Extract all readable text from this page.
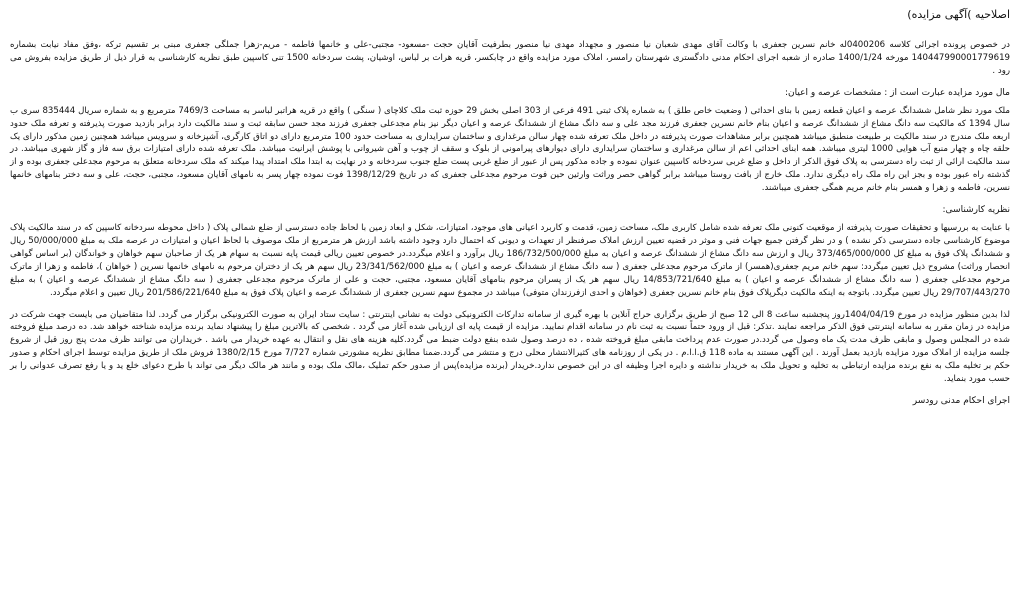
اصلاحیه )آگهی مزایده)

در خصوص پرونده اجرائی کلاسه 0400206له خانم نسرین جعفری با وکالت آقای مهدی شعبان نیا منصور و مجهداد مهدی نیا منصور بطرفیت آقایان حجت -مسعود- مجتبی-علی و خانمها فاطمه - مریم-زهرا جملگی جعفری مبنی بر تقسیم ترکه ،وفق مفاد نیابت بشماره 14044799000177961​9 مورخه 1400/1/24 صادره از شعبه اجرای احکام مدنی دادگستری شهرستان رامسر، املاک مورد مزایده واقع در چابکسر، قریه هرات بر لباس، اوشیان، پشت سردخانه 1500 تنی کاسپین طبق نظریه کارشناسی به قرار ذیل از طریق مزایده بفروش می رود .

مال مورد مزایده عبارت است از : مشخصات عرصه و اعیان:

ملک مورد نظر شامل ششدانگ عرصه و اعیان قطعه زمین با بنای احداثی ( وضعیت خاص طلق ) به شماره پلاک ثبتی 491 فرعی از 303 اصلی بخش 29 حوزه ثبت ملک کلاچای ( سنگی ) واقع در قریه هراتبر لباسر به مساحت 7469/3 مترمربع و به شماره سریال 835444 سری ب سال 1394 که مالکیت سه دانگ مشاع از ششدانگ عرصه و اعیان بنام خانم نسرین جعفری فرزند مجد علی و سه دانگ مشاع از ششدانگ عرصه و اعیان دیگر نیز بنام مجدعلی جعفری فرزند مجد حسن سابقه ثبت و سند مالکیت دارد برابر بازدید صورت پذیرفته و تعرفه ملک حدود اربعه ملک مندرج در سند مالکیت بر طبیعت منطبق میباشد همچنین برابر مشاهدات صورت پذیرفته در داخل ملک تعرفه شده چهار سالن مرغداری و ساختمان سرایداری به مساحت حدود 100 مترمربع دارای دو اتاق کارگری، آشپزخانه و سرویس میباشد همچنین زمین مذکور دارای یک حلقه چاه و چهار منبع آب هوایی 1000 لیتری میباشد. همه ابنای احداثی اعم از سالن مرغداری و ساختمان سرایداری دارای دیوارهای پیرامونی از بلوک و سقف از چوب و آهن شیروانی با پوشش ایرانیت میباشد. ملک تعرفه شده دارای امتیازات برق سه فاز و گاز شهری میباشد. در سند مالکیت ارائی از ثبت راه دسترسی به پلاک فوق الذکر از داخل و ضلع غربی سردخانه کاسپین عنوان نموده و جاده مذکور پس از عبور از ضلع غربی پست ضلع جنوب سردخانه و در نهایت به ابتدا ملک امتداد پیدا میکند که ملک سردخانه متعلق به مرحوم مجدعلی جعفری بوده و از گذشته راه عبور بوده و بجز این راه ملک راه دیگری ندارد. ملک خارج از بافت روستا میباشد برابر گواهی حصر وراثت وارثین حین فوت مرحوم مجدعلی جعفری که در تاریخ 1398/12/29 فوت نموده چهار پسر به نامهای آقایان مسعود، مجتبی، حجت، علی و سه دختر بنامهای خانمها نسرین، فاطمه و زهرا و همسر بنام خانم مریم همگی جعفری میباشند.

نظریه کارشناسی:

با عنایت به بررسیها و تحقیقات صورت پذیرفته از موقعیت کنونی ملک تعرفه شده شامل کاربری ملک، مساحت زمین، قدمت و کاربرد اعیانی های موجود، امتیازات، شکل و ابعاد زمین با لحاظ جاده دسترسی از ضلع شمالی پلاک ( داخل محوطه سردخانه کاسپین که در سند مالکیت پلاک موضوع کارشناسی جاده دسترسی ذکر نشده ) و در نظر گرفتن جمیع جهات فنی و موثر در قضیه تعیین ارزش املاک صرفنظر از تعهدات و دیونی که احتمال دارد وجود داشته باشد ارزش هر مترمربع از ملک موصوف با لحاظ اعیان و امتیازات در عرصه ملک به مبلغ 50/000/000 ریال و ششدانگ پلاک فوق به مبلغ کل 373/465/000/000 ریال و ارزش سه دانگ مشاع از ششدانگ عرصه و اعیان به مبلغ 186/732/500/000 ریال برآورد و اعلام میگردد.در خصوص تعیین ریالی قیمت پایه نسبت به سهام هر یک از صاحبان سهم خواهان و خواندگان (بر اساس گواهی انحصار وراثت) مشروح ذیل تعیین میگردد: سهم خانم مریم جعفری(همسر) از ماترک مرحوم مجدعلی جعفری ( سه دانگ مشاع از ششدانگ عرصه و اعیان ) به مبلغ 23/341/562/000 ریال سهم هر یک از دختران مرحوم به نامهای خانمها نسرین ( خواهان )، فاطمه و زهرا از ماترک مرحوم مجدعلی جعفری ( سه دانگ مشاع از ششدانگ عرصه و اعیان ) به مبلغ 14/853/721/640 ریال سهم هر یک از پسران مرحوم بنامهای آقایان مسعود، مجتبی، حجت و علی از ماترک مرحوم مجدعلی جعفری ( سه دانگ مشاع از ششدانگ عرصه و اعیان ) به مبلغ 29/707/443/270 ریال تعیین میگردد. باتوجه به اینکه مالکیت دیگرپلاک فوق بنام خانم نسرین جعفری (خواهان و احدی ازفرزندان متوفی) میباشد در مجموع سهم نسرین جعفری از ششدانگ عرصه و اعیان پلاک فوق به مبلغ 201/586/221/640 ریال تعیین و اعلام میگردد.

لذا بدین منظور مزایده در مورخ 1404/04/19روز پنجشنبه ساعت 8 الی 12 صبح از طریق برگزاری حراج آنلاین با بهره گیری از سامانه تدارکات الکترونیکی دولت به نشانی اینترنتی : سایت ستاد ایران به صورت الکترونیکی برگزار می گردد. لذا متقاضیان می بایست جهت شرکت در مزایده در زمان مقرر به سامانه اینترنتی فوق الذکر مراجعه نمایند .تذکر: قبل از ورود حتماً نسبت به ثبت نام در سامانه اقدام نمایید. مزایده از قیمت پایه ای ارزیابی شده آغاز می گردد . شخصی که بالاترین مبلغ را پیشنهاد نماید برنده مزایده شناخته خواهد شد. ده درصد مبلغ فروخته شده در المجلس وصول و مابقی ظرف مدت یک ماه وصول می گردد.در صورت عدم پرداخت مابقی مبلغ فروخته شده ، ده درصد وصول شده بنفع دولت ضبط می گردد.کلیه هزینه های نقل و انتقال به عهده خریدار می باشد . خریداران می توانند ظرف مدت پنج روز قبل از شروع جلسه مزایده از املاک مورد مزایده بازدید بعمل آورند . این آگهی مستند به ماده 118 ق.ا.ا.م . در یکی از روزنامه های کثیرالانتشار محلی درج و منتشر می گردد.ضمنا مطابق نظریه مشورتی شماره 7/727 مورخ 1380/2/15 فروش ملک از طریق مزایده توسط اجرای احکام و صدور حکم بر تخلیه ملک به نفع برنده مزایده ارتباطی به تخلیه و تحویل ملک به خریدار نداشته و دایره اجرا وظیفه ای در این خصوص ندارد.خریدار (برنده مزایده)پس از صدور حکم تملیک ،مالک ملک بوده و مانند هر مالک دیگر می تواند با طرح دعوای خلع ید و یا رفع تصرف عدوانی را بر حسب مورد بنماید.

اجرای احکام مدنی رودسر
